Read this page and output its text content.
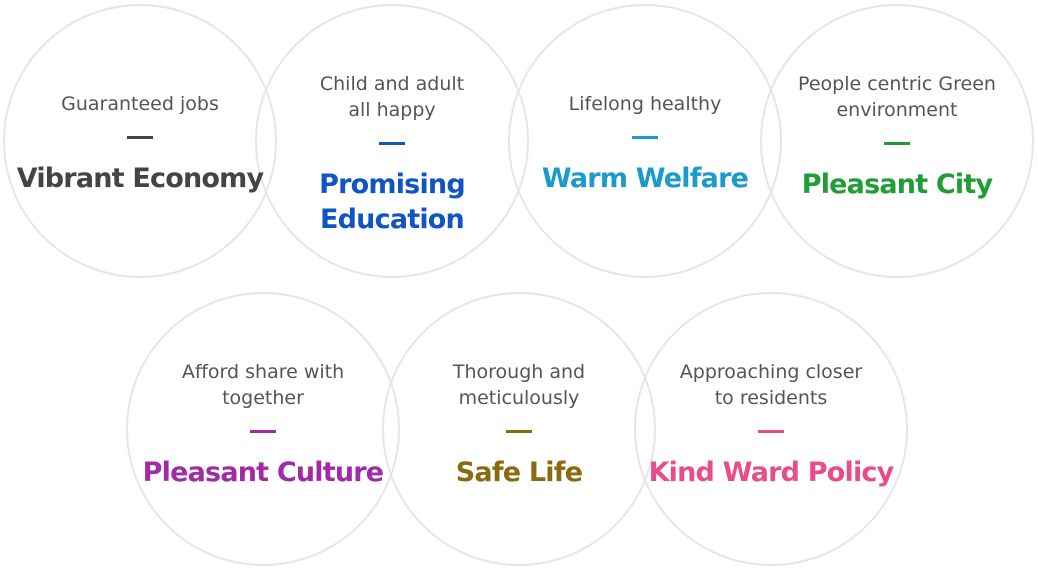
Guaranteed jobs

Vibrant Economy

Child and adult
all happy

Promising
Education

Lifelong healthy

Warm Welfare

People centric Green
environment

Pleasant City

Afford share with
together

Pleasant Culture

Thorough and
meticulously

Safe Life

Approaching closer
to residents

Kind Ward Policy
